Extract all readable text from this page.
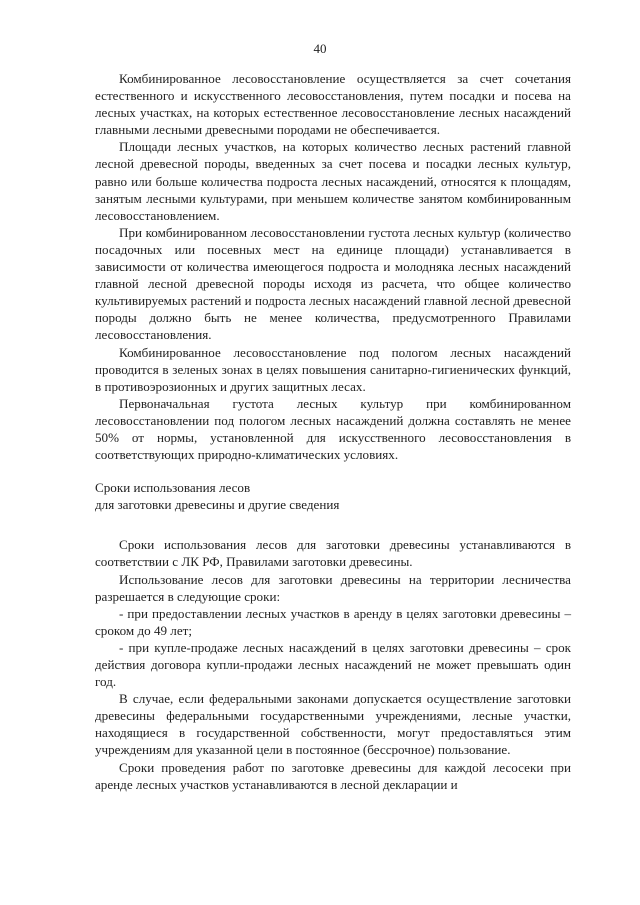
40

Комбинированное лесовосстановление осуществляется за счет сочетания естественного и искусственного лесовосстановления, путем посадки и посева на лесных участках, на которых естественное лесовосстановление лесных насаждений главными лесными древесными породами не обеспечивается.

Площади лесных участков, на которых количество лесных растений главной лесной древесной породы, введенных за счет посева и посадки лесных культур, равно или больше количества подроста лесных насаждений, относятся к площадям, занятым лесными культурами, при меньшем количестве занятом комбинированным лесовосстановлением.

При комбинированном лесовосстановлении густота лесных культур (количество посадочных или посевных мест на единице площади) устанавливается в зависимости от количества имеющегося подроста и молодняка лесных насаждений главной лесной древесной породы исходя из расчета, что общее количество культивируемых растений и подроста лесных насаждений главной лесной древесной породы должно быть не менее количества, предусмотренного Правилами лесовосстановления.

Комбинированное лесовосстановление под пологом лесных насаждений проводится в зеленых зонах в целях повышения санитарно-гигиенических функций, в противоэрозионных и других защитных лесах.

Первоначальная густота лесных культур при комбинированном лесовосстановлении под пологом лесных насаждений должна составлять не менее 50% от нормы, установленной для искусственного лесовосстановления в соответствующих природно-климатических условиях.

Сроки использования лесов

для заготовки древесины и другие сведения

Сроки использования лесов для заготовки древесины устанавливаются в соответствии с ЛК РФ, Правилами заготовки древесины.

Использование лесов для заготовки древесины на территории лесничества разрешается в следующие сроки:

- при предоставлении лесных участков в аренду в целях заготовки древесины – сроком до 49 лет;

- при купле-продаже лесных насаждений в целях заготовки древесины – срок действия договора купли-продажи лесных насаждений не может превышать один год.

В случае, если федеральными законами допускается осуществление заготовки древесины федеральными государственными учреждениями, лесные участки, находящиеся в государственной собственности, могут предоставляться этим учреждениям для указанной цели в постоянное (бессрочное) пользование.

Сроки проведения работ по заготовке древесины для каждой лесосеки при аренде лесных участков устанавливаются в лесной декларации и
